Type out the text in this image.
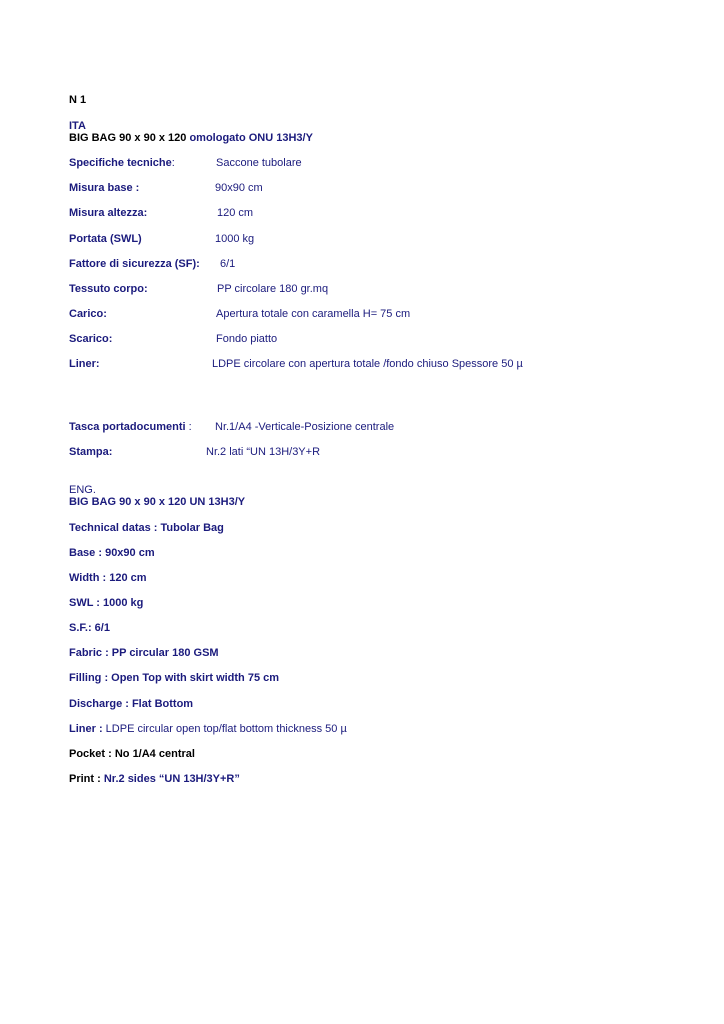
N 1
ITA
BIG BAG 90 x 90 x 120 omologato ONU 13H3/Y
Specifiche tecniche:	Saccone tubolare
Misura base :	90x90 cm
Misura altezza:	120 cm
Portata (SWL)	1000 kg
Fattore di sicurezza (SF): 6/1
Tessuto corpo:	PP circolare 180 gr.mq
Carico:	Apertura totale con caramella H= 75 cm
Scarico:	Fondo piatto
Liner:	LDPE circolare con apertura totale /fondo chiuso Spessore 50 µ
Tasca portadocumenti : Nr.1/A4 -Verticale-Posizione centrale
Stampa:	Nr.2 lati “UN 13H/3Y+R
ENG.
BIG BAG 90 x 90 x 120 UN 13H3/Y
Technical datas : Tubolar Bag
Base : 90x90 cm
Width : 120 cm
SWL : 1000 kg
S.F.: 6/1
Fabric : PP circular 180 GSM
Filling : Open Top with skirt width 75 cm
Discharge : Flat Bottom
Liner : LDPE circular open top/flat bottom thickness 50 µ
Pocket : No 1/A4 central
Print : Nr.2 sides “UN 13H/3Y+R”
